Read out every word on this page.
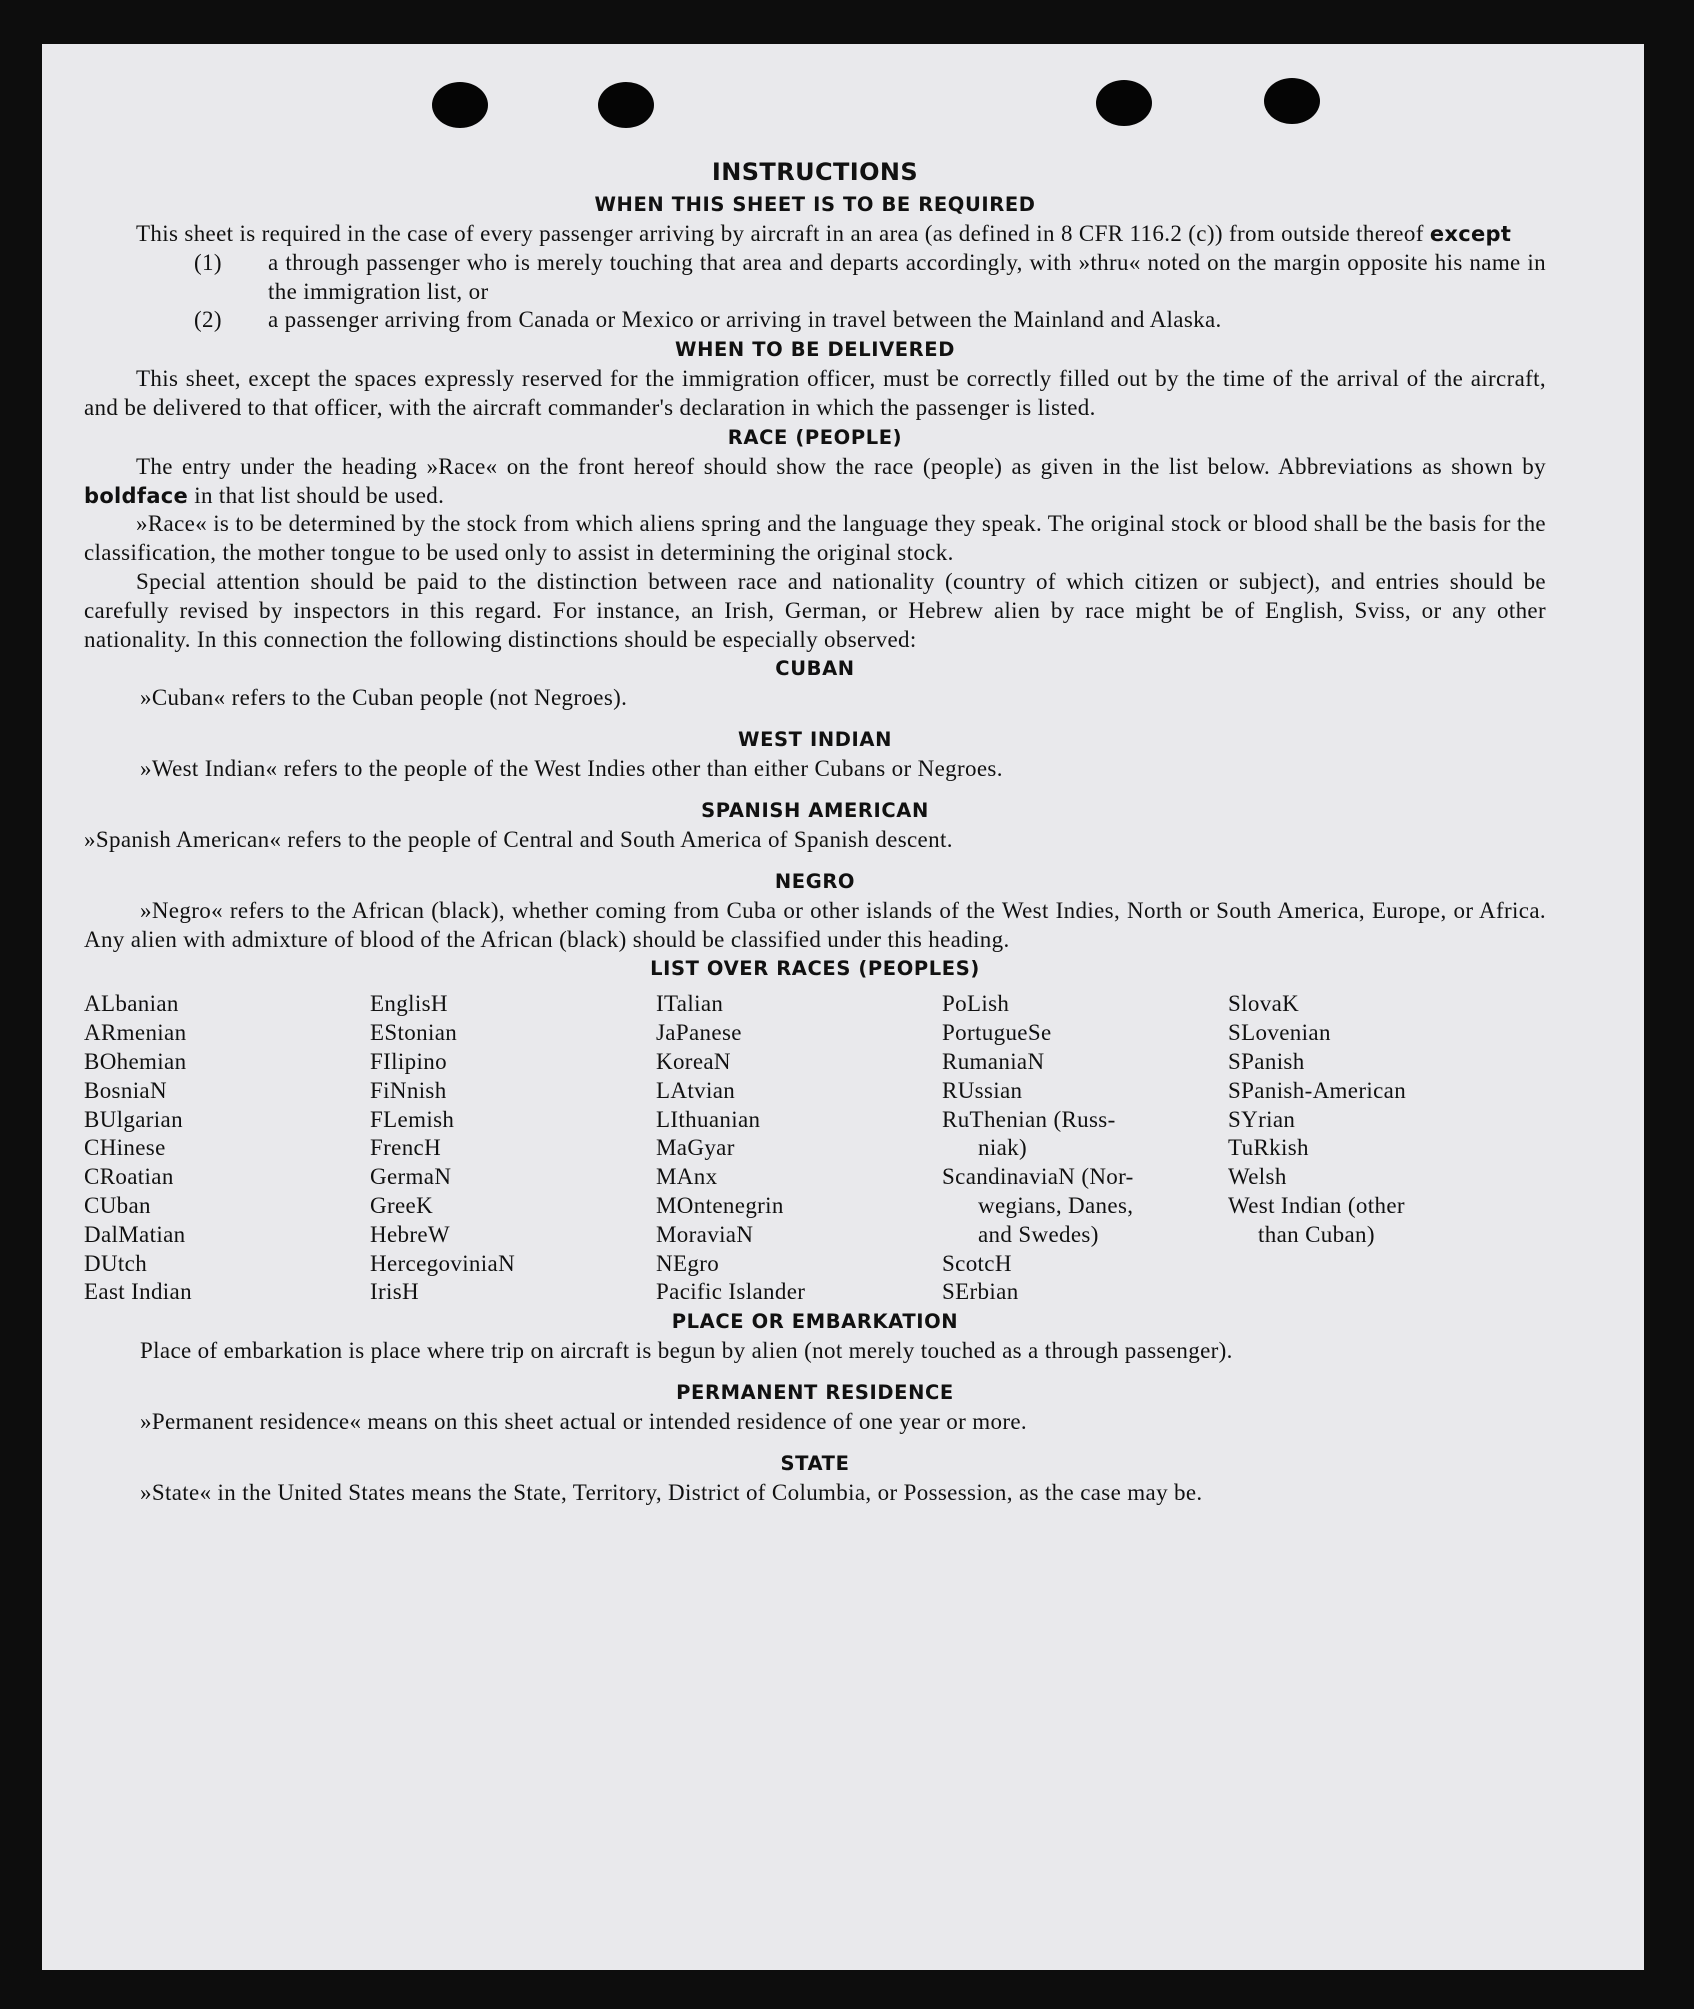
INSTRUCTIONS
WHEN THIS SHEET IS TO BE REQUIRED

This sheet is required in the case of every passenger arriving by aircraft in an area (as defined in 8 CFR 116.2 (c)) from outside thereof except

(1)	a through passenger who is merely touching that area and departs accordingly, with »thru« noted on the margin opposite his name in the immigration list, or
(2)	a passenger arriving from Canada or Mexico or arriving in travel between the Mainland and Alaska.
WHEN TO BE DELIVERED

This sheet, except the spaces expressly reserved for the immigration officer, must be correctly filled out by the time of the arrival of the aircraft, and be delivered to that officer, with the aircraft commander's declaration in which the passenger is listed.

RACE (PEOPLE)

The entry under the heading »Race« on the front hereof should show the race (people) as given in the list below. Abbreviations as shown by boldface in that list should be used.

»Race« is to be determined by the stock from which aliens spring and the language they speak. The original stock or blood shall be the basis for the classification, the mother tongue to be used only to assist in determining the original stock.

Special attention should be paid to the distinction between race and nationality (country of which citizen or subject), and entries should be carefully revised by inspectors in this regard. For instance, an Irish, German, or Hebrew alien by race might be of English, Sviss, or any other nationality. In this connection the following distinctions should be especially observed:

CUBAN

»Cuban« refers to the Cuban people (not Negroes).

WEST INDIAN

»West Indian« refers to the people of the West Indies other than either Cubans or Negroes.

SPANISH AMERICAN

»Spanish American« refers to the people of Central and South America of Spanish descent.

NEGRO

»Negro« refers to the African (black), whether coming from Cuba or other islands of the West Indies, North or South America, Europe, or Africa. Any alien with admixture of blood of the African (black) should be classified under this heading.

LIST OVER RACES (PEOPLES)
ALbanian
ARmenian
BOhemian
BosniaN
BUlgarian
CHinese
CRoatian
CUban
DalMatian
DUtch
East Indian
EnglisH
EStonian
FIlipino
FiNnish
FLemish
FrencH
GermaN
GreeK
HebreW
HercegoviniaN
IrisH
ITalian
JaPanese
KoreaN
LAtvian
LIthuanian
MaGyar
MAnx
MOntenegrin
MoraviaN
NEgro
Pacific Islander
PoLish
PortugueSe
RumaniaN
RUssian
RuThenian (Russ-
niak)
ScandinaviaN (Nor-
wegians, Danes,
and Swedes)
ScotcH
SErbian
SlovaK
SLovenian
SPanish
SPanish-American
SYrian
TuRkish
Welsh
West Indian (other
than Cuban)
PLACE OR EMBARKATION

Place of embarkation is place where trip on aircraft is begun by alien (not merely touched as a through passenger).

PERMANENT RESIDENCE

»Permanent residence« means on this sheet actual or intended residence of one year or more.

STATE

»State« in the United States means the State, Territory, District of Columbia, or Possession, as the case may be.
